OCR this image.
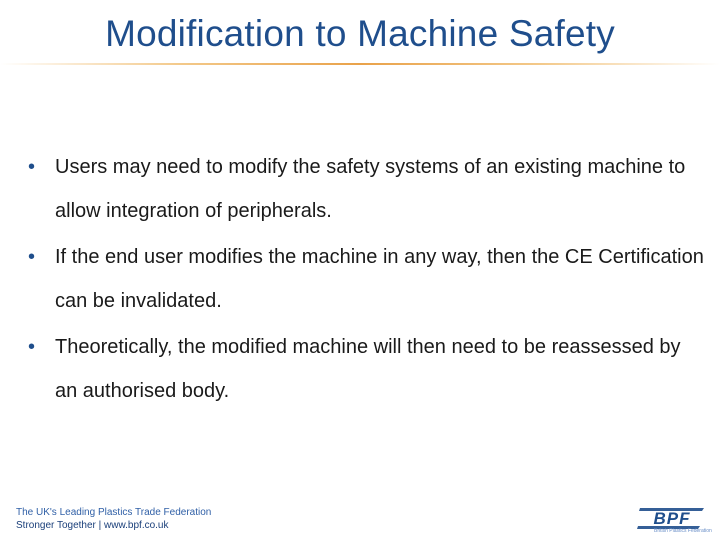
Modification to Machine Safety
• Users may need to modify the safety systems of an existing machine to allow integration of peripherals.
• If the end user modifies the machine in any way, then the CE Certification can be invalidated.
• Theoretically, the modified machine will then need to be reassessed by an authorised body.
The UK's Leading Plastics Trade Federation
Stronger Together | www.bpf.co.uk	BPF
British Plastics Federation
